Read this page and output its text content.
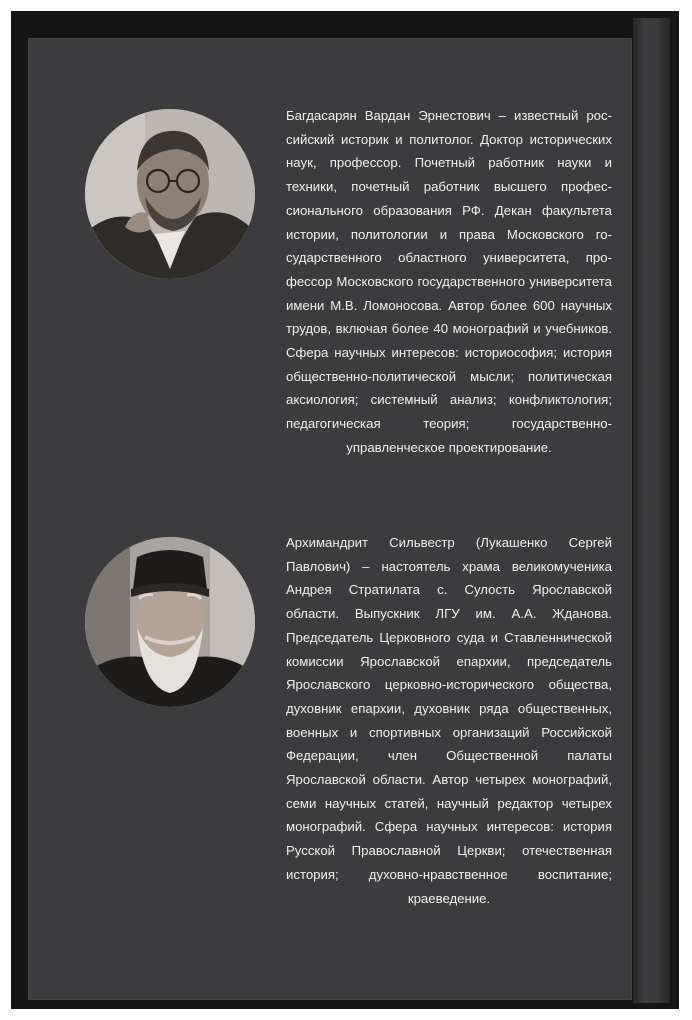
Багдасарян Вардан Эрнестович – известный российский историк и политолог. Доктор исторических наук, профессор. Почетный работник науки и техники, почетный работник высшего профессионального образования РФ. Декан факультета истории, политологии и права Московского государственного областного университета, профессор Московского государственного университета имени М.В. Ломоносова. Автор более 600 научных трудов, включая более 40 монографий и учебников. Сфера научных интересов: историософия; история общественно-политической мысли; политическая аксиология; системный анализ; конфликтология; педагогическая теория; государственно-управленческое проектирование.

Архимандрит Сильвестр (Лукашенко Сергей Павлович) – настоятель храма великомученика Андрея Стратилата с. Сулость Ярославской области. Выпускник ЛГУ им. А.А. Жданова. Председатель Церковного суда и Ставленнической комиссии Ярославской епархии, председатель Ярославского церковно-исторического общества, духовник епархии, духовник ряда общественных, военных и спортивных организаций Российской Федерации, член Общественной палаты Ярославской области. Автор четырех монографий, семи научных статей, научный редактор четырех монографий. Сфера научных интересов: история Русской Православной Церкви; отечественная история; духовно-нравственное воспитание; краеведение.
